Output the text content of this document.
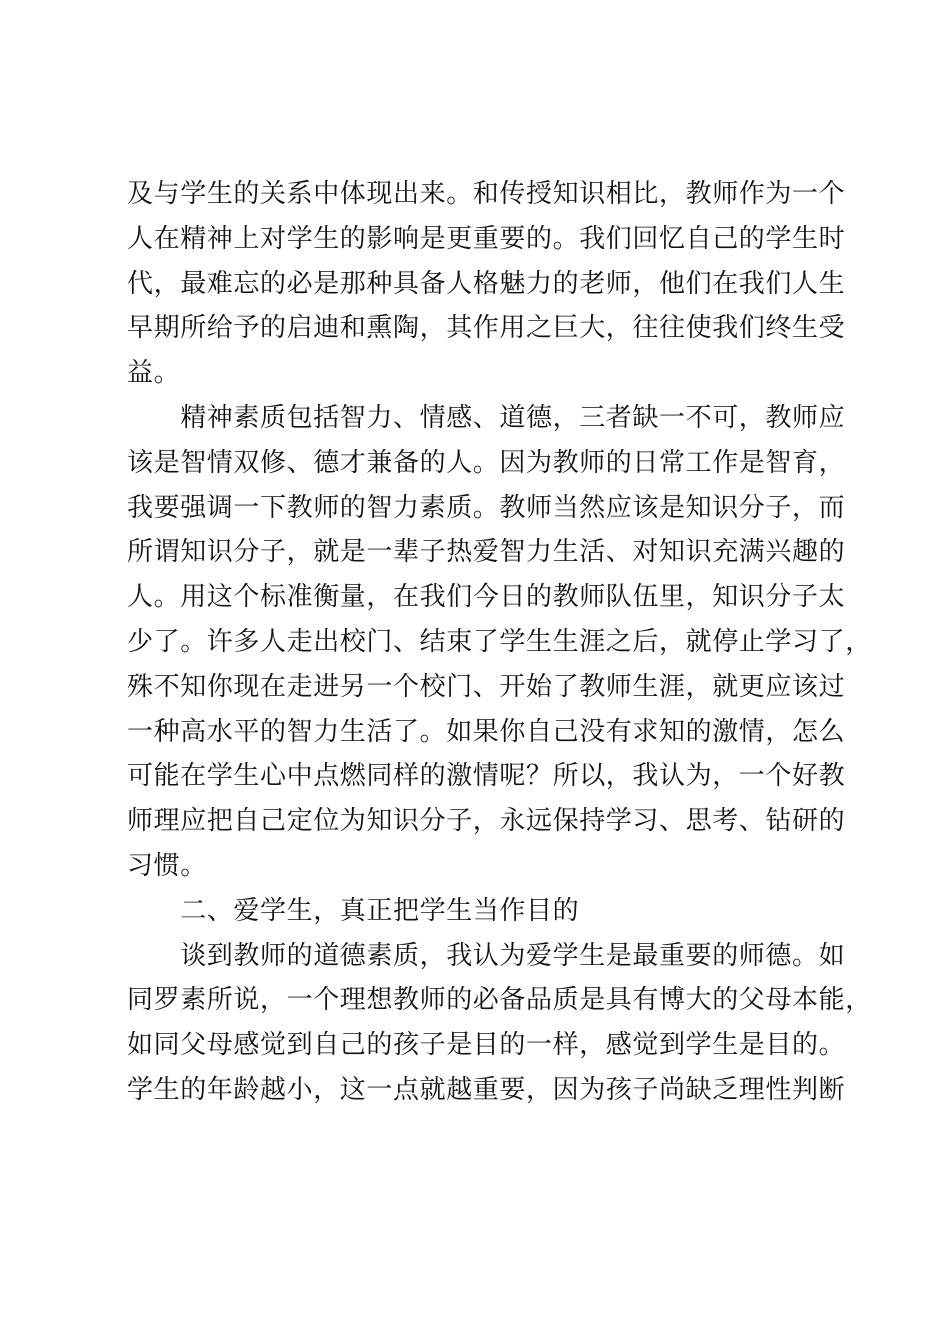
及与学生的关系中体现出来。和传授知识相比，教师作为一个
人在精神上对学生的影响是更重要的。我们回忆自己的学生时
代，最难忘的必是那种具备人格魅力的老师，他们在我们人生
早期所给予的启迪和熏陶，其作用之巨大，往往使我们终生受
益。
　　精神素质包括智力、情感、道德，三者缺一不可，教师应
该是智情双修、德才兼备的人。因为教师的日常工作是智育，
我要强调一下教师的智力素质。教师当然应该是知识分子，而
所谓知识分子，就是一辈子热爱智力生活、对知识充满兴趣的
人。用这个标准衡量，在我们今日的教师队伍里，知识分子太
少了。许多人走出校门、结束了学生生涯之后，就停止学习了，
殊不知你现在走进另一个校门、开始了教师生涯，就更应该过
一种高水平的智力生活了。如果你自己没有求知的激情，怎么
可能在学生心中点燃同样的激情呢？所以，我认为，一个好教
师理应把自己定位为知识分子，永远保持学习、思考、钻研的
习惯。
　　二、爱学生，真正把学生当作目的
　　谈到教师的道德素质，我认为爱学生是最重要的师德。如
同罗素所说，一个理想教师的必备品质是具有博大的父母本能，
如同父母感觉到自己的孩子是目的一样，感觉到学生是目的。
学生的年龄越小，这一点就越重要，因为孩子尚缺乏理性判断
